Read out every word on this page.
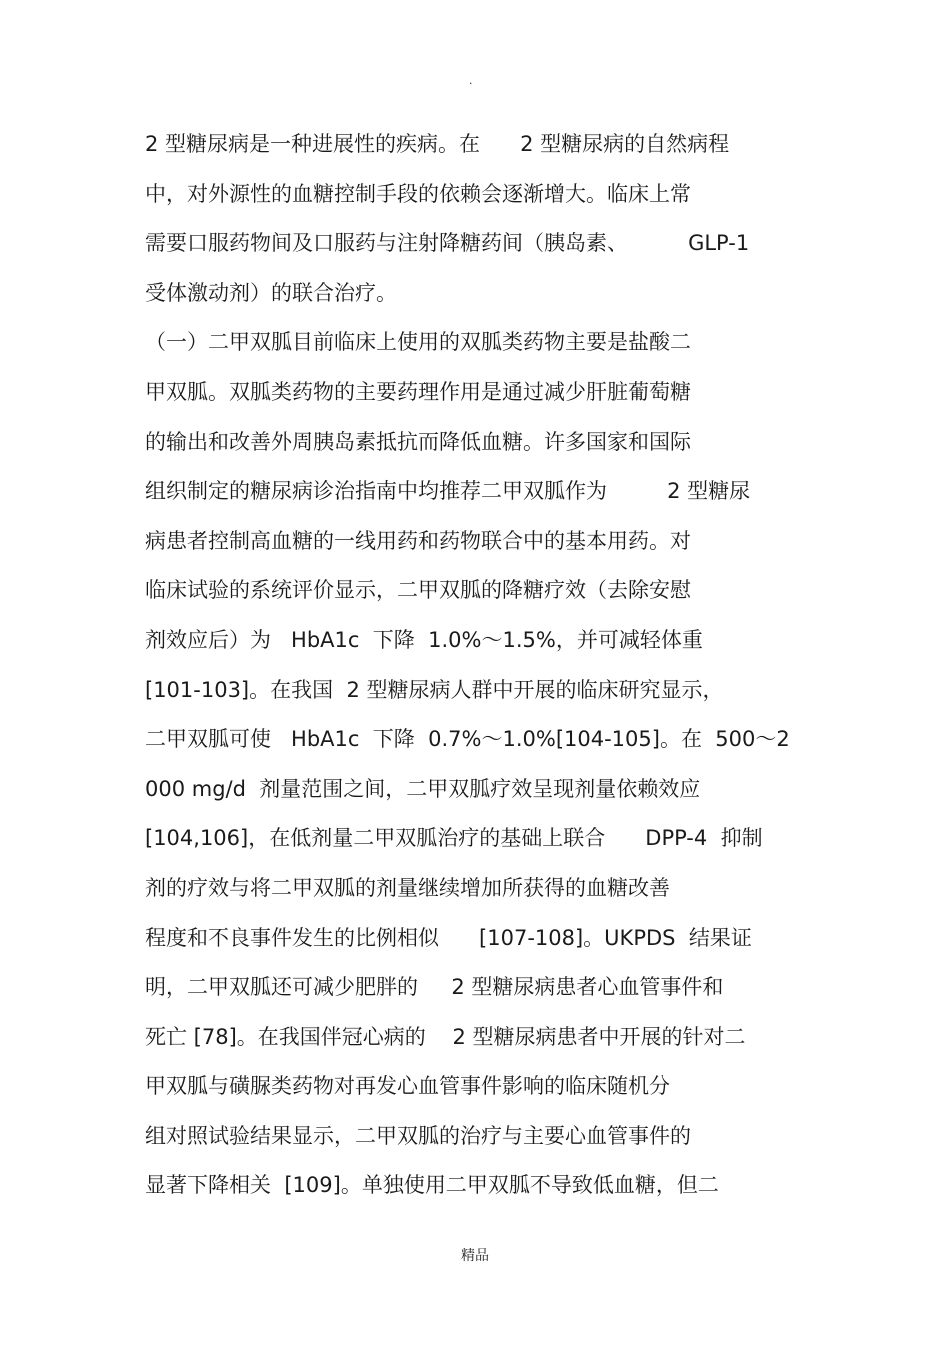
.
2 型糖尿病是一种进展性的疾病。在      2 型糖尿病的自然病程
中，对外源性的血糖控制手段的依赖会逐渐增大。临床上常
需要口服药物间及口服药与注射降糖药间（胰岛素、         GLP-1
受体激动剂）的联合治疗。
（一）二甲双胍目前临床上使用的双胍类药物主要是盐酸二
甲双胍。双胍类药物的主要药理作用是通过减少肝脏葡萄糖
的输出和改善外周胰岛素抵抗而降低血糖。许多国家和国际
组织制定的糖尿病诊治指南中均推荐二甲双胍作为         2 型糖尿
病患者控制高血糖的一线用药和药物联合中的基本用药。对
临床试验的系统评价显示，二甲双胍的降糖疗效（去除安慰
剂效应后）为   HbA1c  下降  1.0%～1.5%，并可减轻体重
[101-103]。在我国  2 型糖尿病人群中开展的临床研究显示，
二甲双胍可使   HbA1c  下降  0.7%～1.0%[104-105]。在  500～2
000 mg/d  剂量范围之间，二甲双胍疗效呈现剂量依赖效应
[104,106]，在低剂量二甲双胍治疗的基础上联合      DPP-4  抑制
剂的疗效与将二甲双胍的剂量继续增加所获得的血糖改善
程度和不良事件发生的比例相似      [107-108]。UKPDS  结果证
明，二甲双胍还可减少肥胖的     2 型糖尿病患者心血管事件和
死亡 [78]。在我国伴冠心病的    2 型糖尿病患者中开展的针对二
甲双胍与磺脲类药物对再发心血管事件影响的临床随机分
组对照试验结果显示，二甲双胍的治疗与主要心血管事件的
显著下降相关  [109]。单独使用二甲双胍不导致低血糖，但二
精品
